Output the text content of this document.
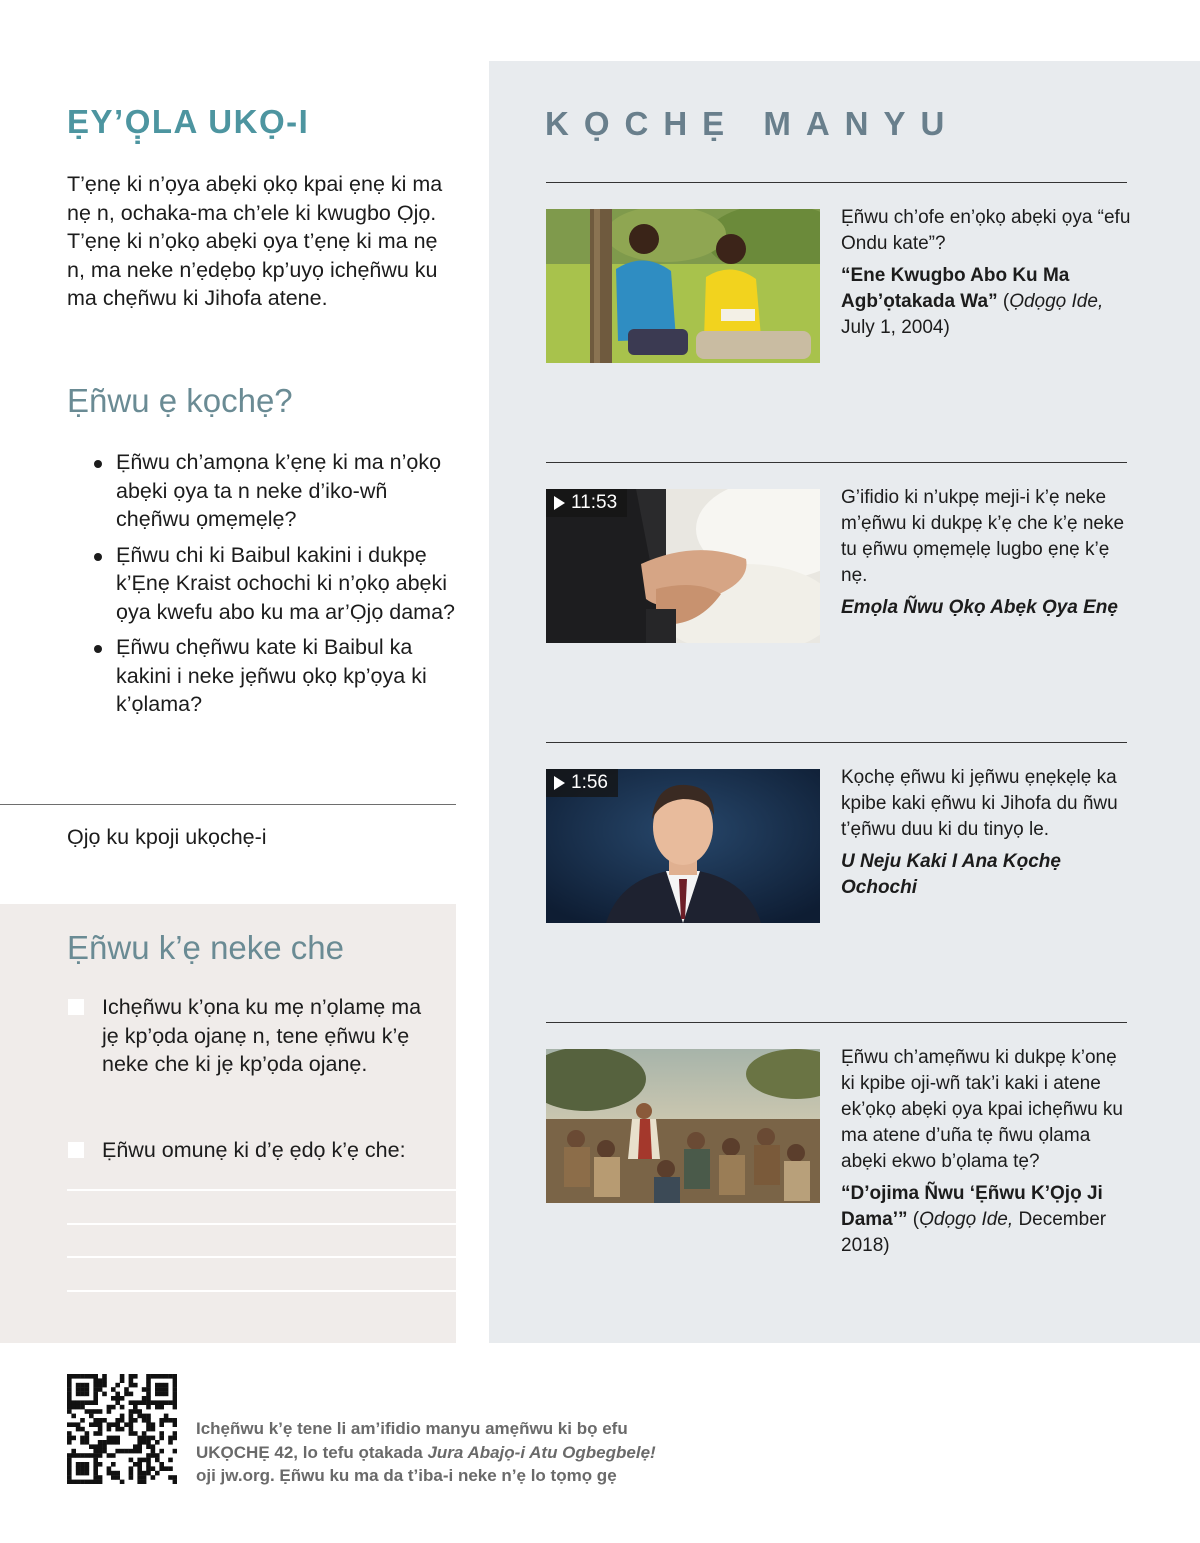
ẸY’Ọ̣LA UKỌ-I

T’ẹnẹ ki n’ọya abẹki ọkọ kpai ẹnẹ ki ma nẹ n, ochaka-ma ch’ele ki kwugbo Ọjọ. T’ẹnẹ ki n’ọkọ abẹki ọya t’ẹnẹ ki ma nẹ n, ma neke n’ẹdẹbọ kp’uyọ ichẹñwu ku ma chẹñwu ki Jihofa atene.

Ẹñwu ẹ kọchẹ?
Ẹñwu ch’amọna k’ẹnẹ ki ma n’ọkọ abẹki ọya ta n neke d’iko-wñ chẹñwu ọmẹmẹlẹ?
Ẹñwu chi ki Baibul kakini i dukpẹ k’Ẹnẹ Kraist ochochi ki n’ọkọ abẹki ọya kwefu abo ku ma ar’Ọjọ dama?
Ẹñwu chẹñwu kate ki Baibul ka kakini i neke jẹñwu ọkọ kp’ọya ki k’ọlama?

Ọjọ ku kpoji ukọchẹ-i

Ẹñwu k’ẹ neke che
Ichẹñwu k’ọna ku mẹ n’ọlamẹ ma jẹ kp’ọda ojanẹ n, tene ẹñwu k’ẹ neke che ki jẹ kp’ọda ojanẹ.
Ẹñwu omunẹ ki d’ẹ ẹdọ k’ẹ che:
KỌCHẸ MANYU

Ẹñwu ch’ofe en’ọkọ abẹki ọya “efu Ondu kate”?

“Ene Kwugbo Abo Ku Ma Agb’ọtakada Wa” (Ọdọgọ Ide, July 1, 2004)

11:53	G’ifidio ki n’ukpẹ meji-i k’ẹ neke m’ẹñwu ki dukpẹ k’ẹ che k’ẹ neke tu ẹñwu ọmẹmẹlẹ lugbo ẹnẹ k’ẹ nẹ.

Emọla Ñwu Ọkọ Abẹk Ọya Enẹ

1:56	Kọchẹ ẹñwu ki jẹñwu ẹnẹkẹlẹ ka kpibe kaki ẹñwu ki Jihofa du ñwu t’ẹñwu duu ki du tinyọ le.

U Neju Kaki I Ana Kọchẹ Ochochi

Ẹñwu ch’amẹñwu ki dukpẹ k’onẹ ki kpibe oji-wñ tak’i kaki i atene ek’ọkọ abẹki ọya kpai ichẹñwu ku ma atene d’uña tẹ ñwu ọlama abẹki ekwo b’ọlama tẹ?

“D’ojima Ñwu ‘Ẹñwu K’Ọjọ Ji Dama’” (Ọdọgọ Ide, December 2018)

Ichẹñwu k’ẹ tene li am’ifidio manyu amẹñwu ki bọ efu
UKỌCHẸ 42, lo tefu ọtakada Jura Abajọ-i Atu Ogbegbelẹ!
oji jw.org. Ẹñwu ku ma da t’iba-i neke n’ẹ lo tọmọ gẹ
